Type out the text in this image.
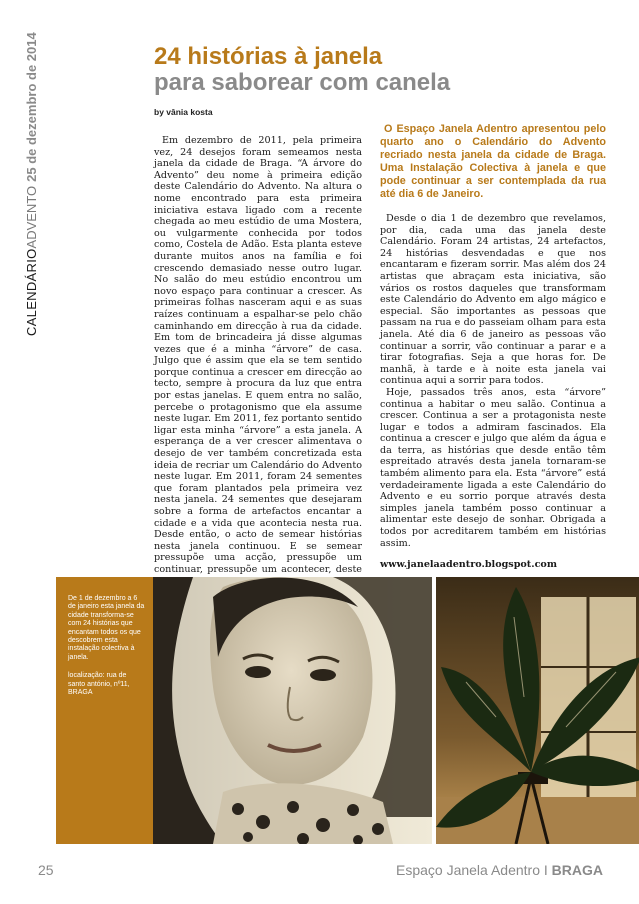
CALENDÁRIOADVENTO25 de dezembro de 2014	24 histórias à janela
para saborear com canela
by vânia kosta

Em dezembro de 2011, pela primeira vez, 24 desejos foram semeamos nesta janela da cidade de Braga. “A árvore do Advento” deu nome à primeira edição deste Calendário do Advento. Na altura o nome encontrado para esta primeira iniciativa estava ligado com a recente chegada ao meu estúdio de uma Mostera, ou vulgarmente conhecida por todos como, Costela de Adão. Esta planta esteve durante muitos anos na família e foi crescendo demasiado nesse outro lugar. No salão do meu estúdio encontrou um novo espaço para continuar a crescer. As primeiras folhas nasceram aqui e as suas raízes continuam a espalhar-se pelo chão caminhando em direcção à rua da cidade. Em tom de brincadeira já disse algumas vezes que é a minha “árvore” de casa. Julgo que é assim que ela se tem sentido porque continua a crescer em direcção ao tecto, sempre à procura da luz que entra por estas janelas. E quem entra no salão, percebe o protagonismo que ela assume neste lugar. Em 2011, fez portanto sentido ligar esta minha “árvore” a esta janela. A esperança de a ver crescer alimentava o desejo de ver também concretizada esta ideia de recriar um Calendário do Advento neste lugar. Em 2011, foram 24 sementes que foram plantados pela primeira vez nesta janela. 24 sementes que desejaram sobre a forma de artefactos encantar a cidade e a vida que acontecia nesta rua. Desde então, o acto de semear histórias nesta janela continuou. E se semear pressupõe uma acção, pressupõe um continuar, pressupõe um acontecer, deste

O Espaço Janela Adentro apresentou pelo quarto ano o Calendário do Advento recriado nesta janela da cidade de Braga. Uma Instalação Colectiva à janela e que pode continuar a ser contemplada da rua até dia 6 de Janeiro.

Desde o dia 1 de dezembro que revelamos, por dia, cada uma das janela deste Calendário. Foram 24 artistas, 24 artefactos, 24 histórias desvendadas e que nos encantaram e fizeram sorrir. Mas além dos 24 artistas que abraçam esta iniciativa, são vários os rostos daqueles que transformam este Calendário do Advento em algo mágico e especial. São importantes as pessoas que passam na rua e do passeiam olham para esta janela. Até dia 6 de janeiro as pessoas vão continuar a sorrir, vão continuar a parar e a tirar fotografias. Seja a que horas for. De manhã, à tarde e à noite esta janela vai continua aqui a sorrir para todos.

Hoje, passados três anos, esta “árvore” continua a habitar o meu salão. Continua a crescer. Continua a ser a protagonista neste lugar e todos a admiram fascinados. Ela continua a crescer e julgo que além da água e da terra, as histórias que desde então têm espreitado através desta janela tornaram-se também alimento para ela. Esta “árvore” está verdadeiramente ligada a este Calendário do Advento e eu sorrio porque através desta simples janela também posso continuar a alimentar este desejo de sonhar. Obrigada a todos por acreditarem também em histórias assim.

www.janelaadentro.blogspot.com

De 1 de dezembro a 6 de janeiro esta janela da cidade transforma-se com 24 histórias que encantam todos os que descobrem esta instalação colectiva à janela.

localização: rua de santo antónio, nº11, BRAGA

25	Espaço Janela Adentro I BRAGA
